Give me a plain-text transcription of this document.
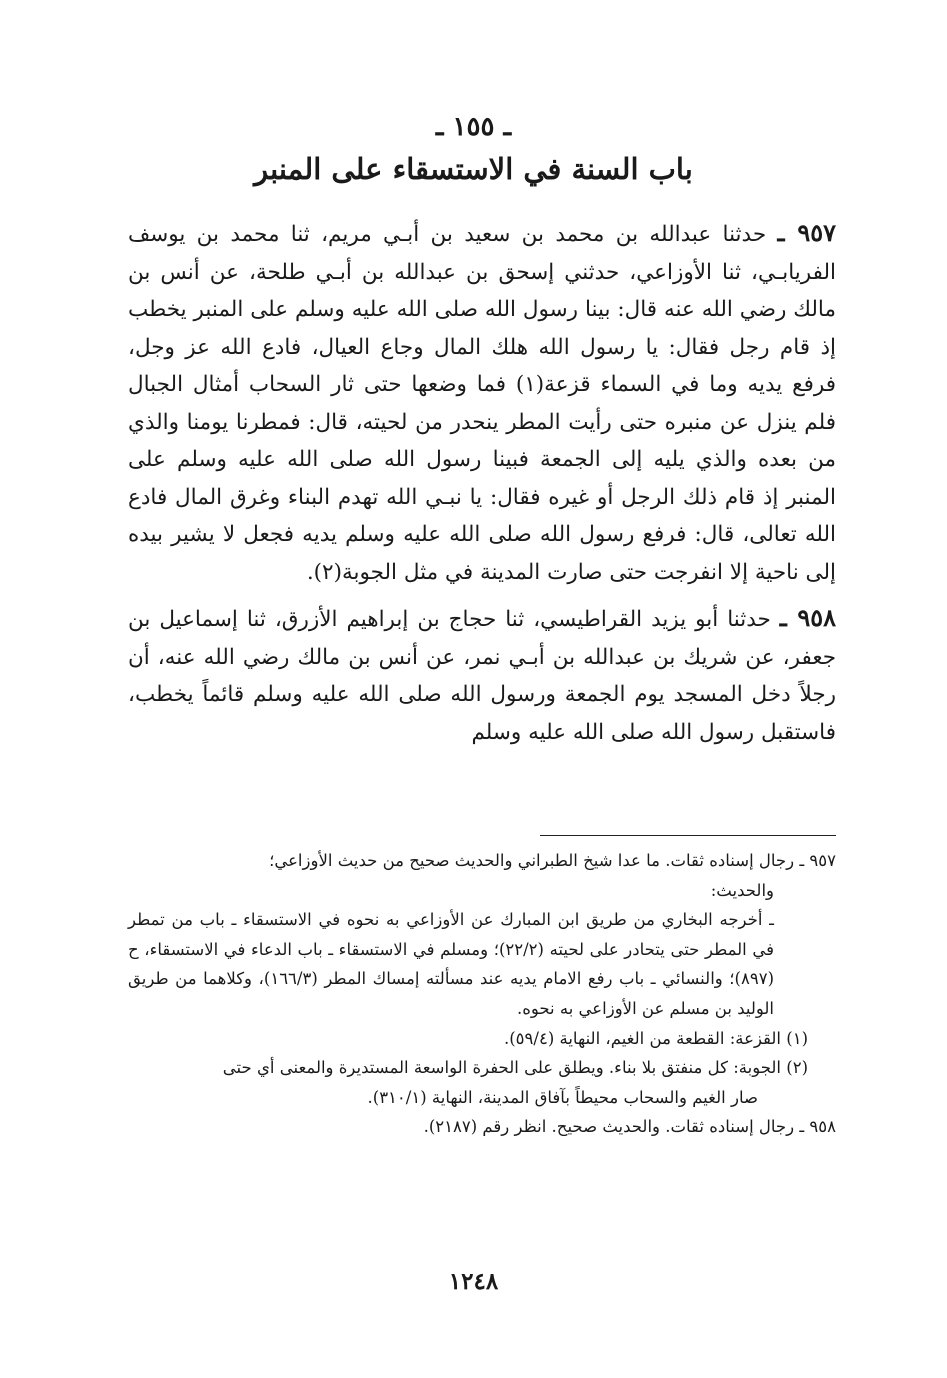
ـ ١٥٥ ـ
باب السنة في الاستسقاء على المنبر

٩٥٧ ـ حدثنا عبدالله بن محمد بن سعيد بن أبـي مريم، ثنا محمد بن يوسف الفريابـي، ثنا الأوزاعي، حدثني إسحق بن عبدالله بن أبـي طلحة، عن أنس بن مالك رضي الله عنه قال: بينا رسول الله صلى الله عليه وسلم على المنبر يخطب إذ قام رجل فقال: يا رسول الله هلك المال وجاع العيال، فادع الله عز وجل، فرفع يديه وما في السماء قزعة(١) فما وضعها حتى ثار السحاب أمثال الجبال فلم ينزل عن منبره حتى رأيت المطر ينحدر من لحيته، قال: فمطرنا يومنا والذي من بعده والذي يليه إلى الجمعة فبينا رسول الله صلى الله عليه وسلم على المنبر إذ قام ذلك الرجل أو غيره فقال: يا نبـي الله تهدم البناء وغرق المال فادع الله تعالى، قال: فرفع رسول الله صلى الله عليه وسلم يديه فجعل لا يشير بيده إلى ناحية إلا انفرجت حتى صارت المدينة في مثل الجوبة(٢).

٩٥٨ ـ حدثنا أبو يزيد القراطيسي، ثنا حجاج بن إبراهيم الأزرق، ثنا إسماعيل بن جعفر، عن شريك بن عبدالله بن أبـي نمر، عن أنس بن مالك رضي الله عنه، أن رجلاً دخل المسجد يوم الجمعة ورسول الله صلى الله عليه وسلم قائماً يخطب، فاستقبل رسول الله صلى الله عليه وسلم

٩٥٧ ـ رجال إسناده ثقات. ما عدا شيخ الطبراني والحديث صحيح من حديث الأوزاعي؛

والحديث:

ـ أخرجه البخاري من طريق ابن المبارك عن الأوزاعي به نحوه في الاستسقاء ـ باب من تمطر في المطر حتى يتحادر على لحيته (٢٢/٢)؛ ومسلم في الاستسقاء ـ باب الدعاء في الاستسقاء، ح (٨٩٧)؛ والنسائي ـ باب رفع الامام يديه عند مسألته إمساك المطر (١٦٦/٣)، وكلاهما من طريق الوليد بن مسلم عن الأوزاعي به نحوه.

(١) القزعة: القطعة من الغيم، النهاية (٥٩/٤).

(٢) الجوبة: كل منفتق بلا بناء. ويطلق على الحفرة الواسعة المستديرة والمعنى أي حتى

صار الغيم والسحاب محيطاً بآفاق المدينة، النهاية (٣١٠/١).

٩٥٨ ـ رجال إسناده ثقات. والحديث صحيح. انظر رقم (٢١٨٧).

١٢٤٨
